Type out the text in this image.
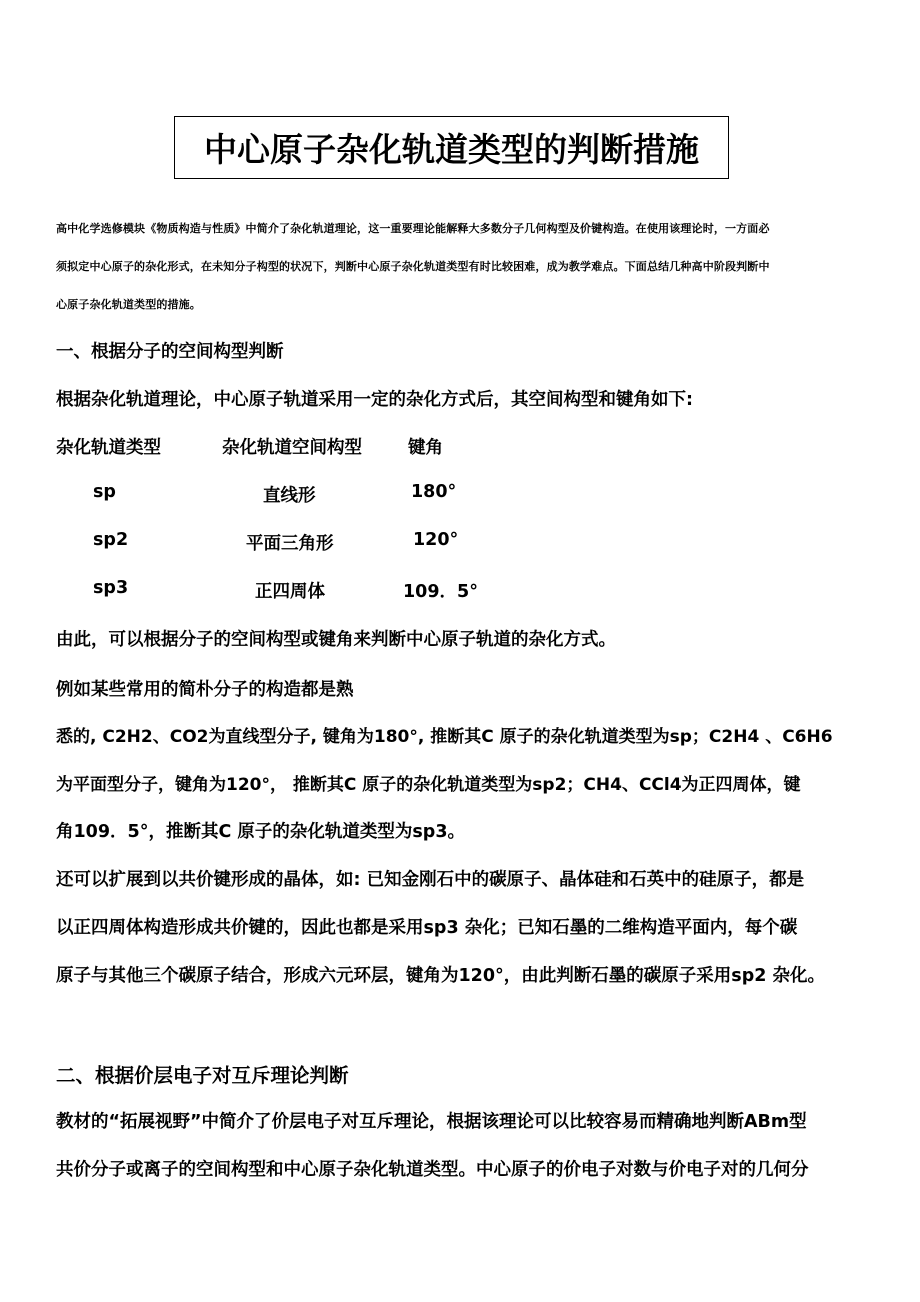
中心原子杂化轨道类型的判断措施
高中化学选修模块《物质构造与性质》中简介了杂化轨道理论，这一重要理论能解释大多数分子几何构型及价键构造。在使用该理论时，一方面必
须拟定中心原子的杂化形式，在未知分子构型的状况下，判断中心原子杂化轨道类型有时比较困难，成为教学难点。下面总结几种高中阶段判断中
心原子杂化轨道类型的措施。
一、根据分子的空间构型判断
根据杂化轨道理论，中心原子轨道采用一定的杂化方式后，其空间构型和键角如下:
杂化轨道类型	杂化轨道空间构型	键角
sp	直线形	180°
sp2	平面三角形	120°
sp3	正四周体	109．5°
由此，可以根据分子的空间构型或键角来判断中心原子轨道的杂化方式。
例如某些常用的简朴分子的构造都是熟
悉的, C2H2、CO2为直线型分子, 键角为180°, 推断其C 原子的杂化轨道类型为sp；C2H4 、C6H6
为平面型分子，键角为120°， 推断其C 原子的杂化轨道类型为sp2；CH4、CCl4为正四周体，键
角109．5°，推断其C 原子的杂化轨道类型为sp3。
还可以扩展到以共价键形成的晶体，如: 已知金刚石中的碳原子、晶体硅和石英中的硅原子，都是
以正四周体构造形成共价键的，因此也都是采用sp3 杂化；已知石墨的二维构造平面内，每个碳
原子与其他三个碳原子结合，形成六元环层，键角为120°，由此判断石墨的碳原子采用sp2 杂化。
二、根据价层电子对互斥理论判断
教材的“拓展视野”中简介了价层电子对互斥理论，根据该理论可以比较容易而精确地判断ABm型
共价分子或离子的空间构型和中心原子杂化轨道类型。中心原子的价电子对数与价电子对的几何分
